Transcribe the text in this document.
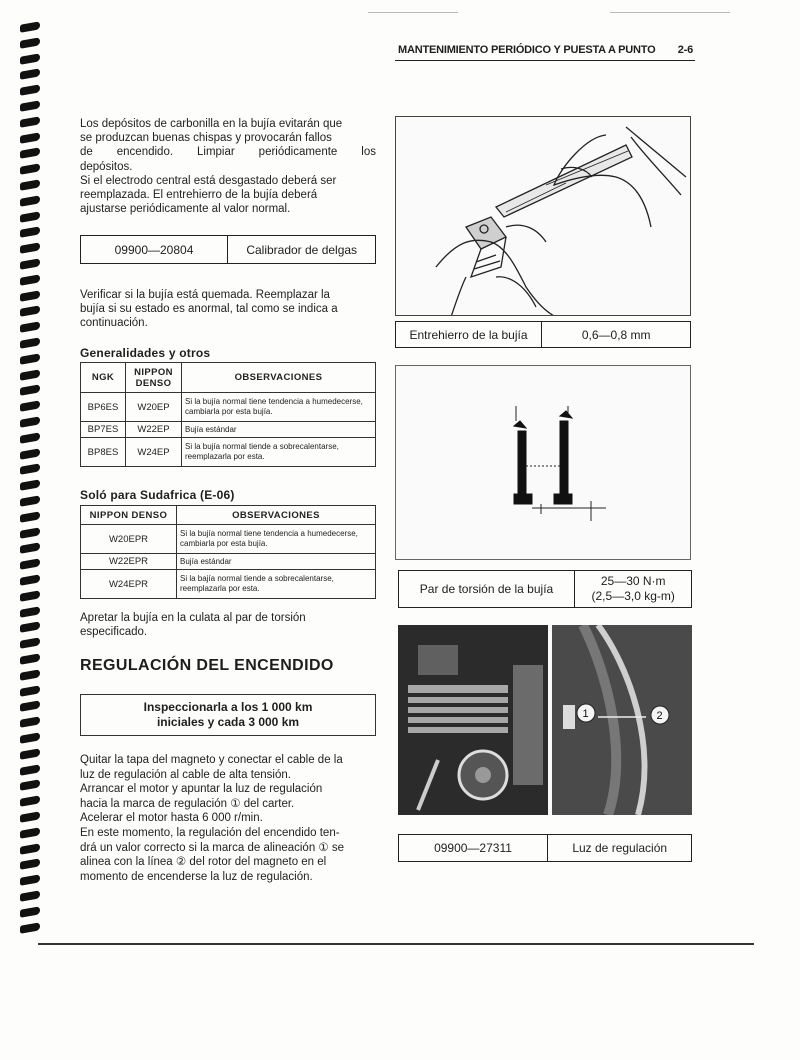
MANTENIMIENTO PERIÓDICO Y PUESTA A PUNTO 2-6

Los depósitos de carbonilla en la bujía evitarán que

se produzcan buenas chispas y provocarán fallos

de encendido. Limpiar periódicamente los

depósitos.

Si el electrodo central está desgastado deberá ser

reemplazada. El entrehierro de la bujía deberá

ajustarse periódicamente al valor normal.

09900—20804	Calibrador de delgas

Verificar si la bujía está quemada. Reemplazar la

bujía si su estado es anormal, tal como se indica a

continuación.

Generalidades y otros
NGK	NIPPON DENSO	OBSERVACIONES
BP6ES	W20EP	Si la bujía normal tiene tendencia a humedecerse, cambiarla por esta bujía.
BP7ES	W22EP	Bujía estándar
BP8ES	W24EP	Si la bujía normal tiende a sobrecalentarse, reemplazarla por esta.
Soló para Sudafrica (E-06)
NIPPON DENSO	OBSERVACIONES
W20EPR	Si la bujía normal tiene tendencia a humedecerse, cambiarla por esta bujía.
W22EPR	Bujía estándar
W24EPR	Si la bajía normal tiende a sobrecalentarse, reemplazarla por esta.

Apretar la bujía en la culata al par de torsión

especificado.

REGULACIÓN DEL ENCENDIDO
Inspeccionarla a los 1 000 km
iniciales y cada 3 000 km

Quitar la tapa del magneto y conectar el cable de la

luz de regulación al cable de alta tensión.

Arrancar el motor y apuntar la luz de regulación

hacia la marca de regulación ① del carter.

Acelerar el motor hasta 6 000 r/min.

En este momento, la regulación del encendido ten-

drá un valor correcto si la marca de alineación ① se

alinea con la línea ② del rotor del magneto en el

momento de encenderse la luz de regulación.

Entrehierro de la bujía	0,6—0,8 mm
Par de torsión de la bujía
25—30 N·m
(2,5—3,0 kg-m)
1	2
09900—27311	Luz de regulación
